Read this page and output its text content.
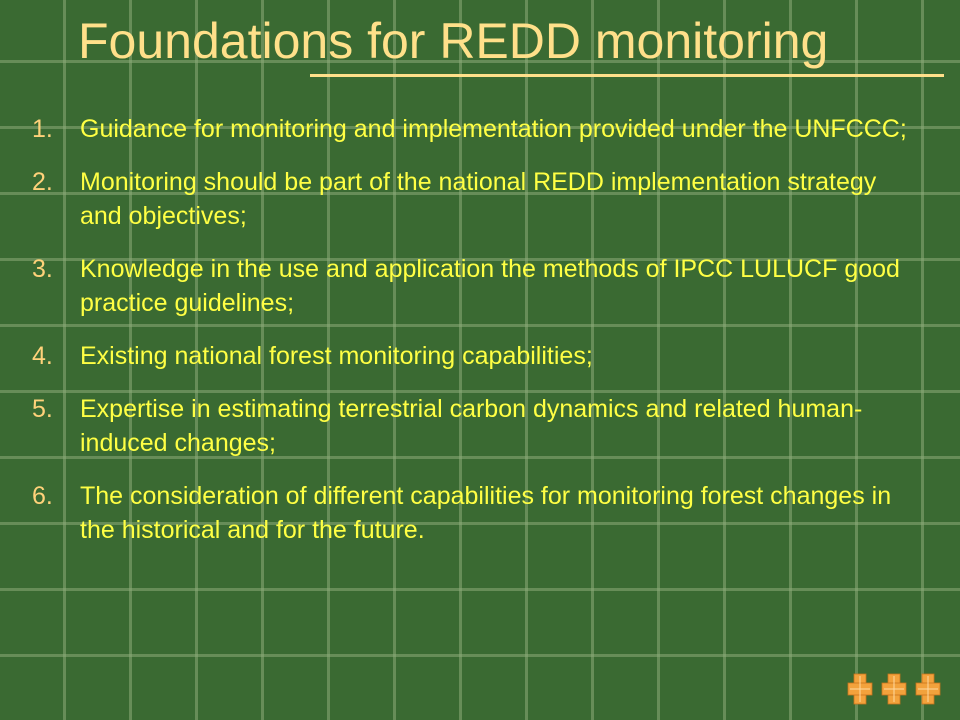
Foundations for REDD monitoring
1. Guidance for monitoring and implementation provided under the UNFCCC;
2. Monitoring should be part of the national REDD implementation strategy and objectives;
3. Knowledge in the use and application the methods of IPCC LULUCF good practice guidelines;
4. Existing national forest monitoring capabilities;
5. Expertise in estimating terrestrial carbon dynamics and related human-induced changes;
6. The consideration of different capabilities for monitoring forest changes in the historical and for the future.
